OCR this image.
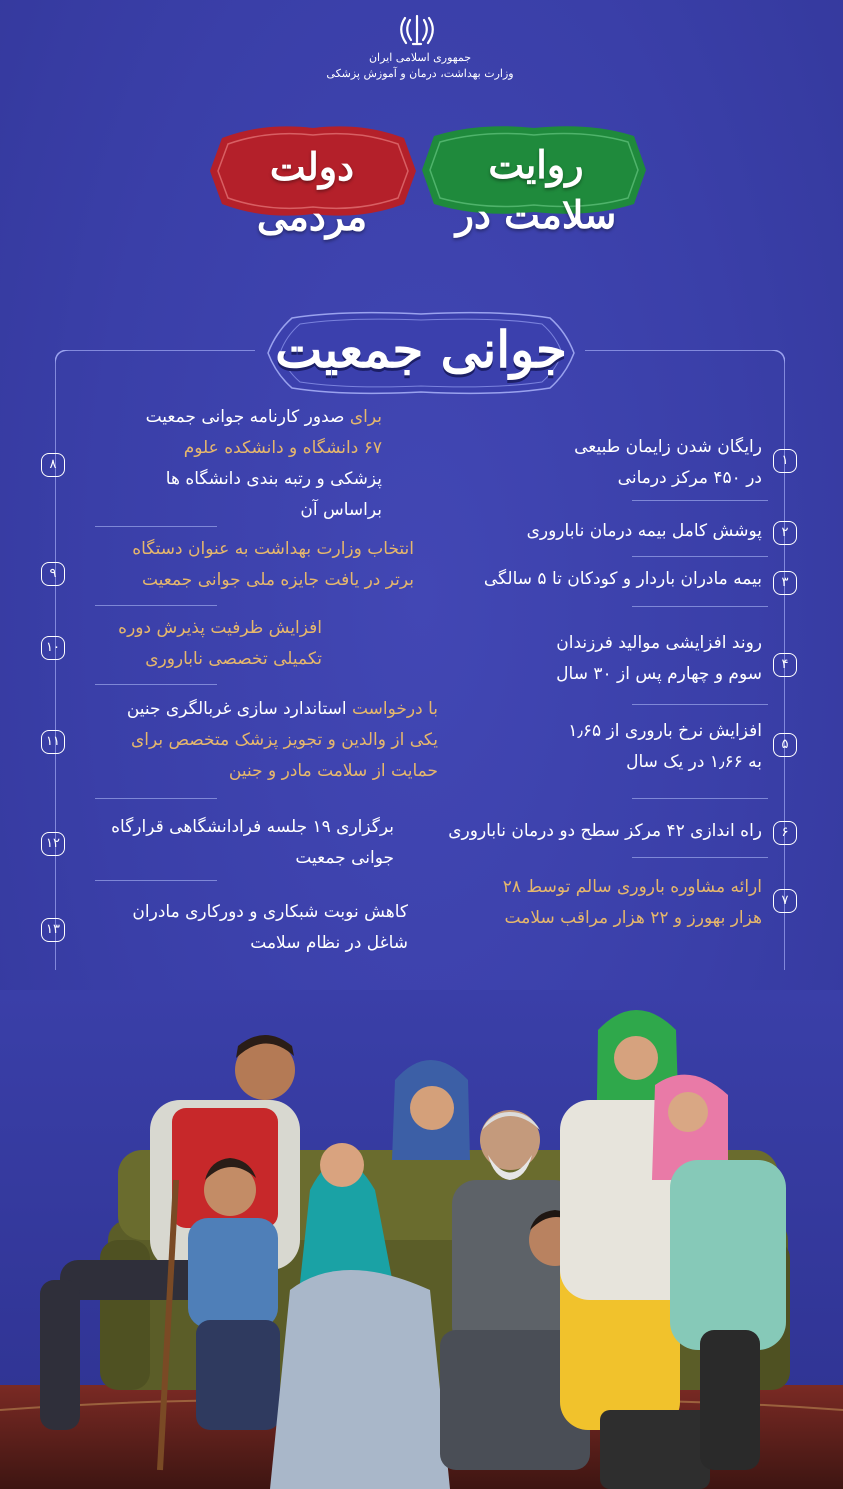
جمهوری اسلامی ایران
وزارت بهداشت، درمان و آموزش پزشکی
روایت سلامت در
دولت مردمی
جوانی جمعیت
۱
رایگان شدن زایمان طبیعی
در ۴۵۰ مرکز درمانی
۲
پوشش کامل بیمه درمان ناباروری
۳
بیمه مادران باردار و کودکان تا ۵ سالگی
۴
روند افزایشی موالید فرزندان
سوم و چهارم پس از ۳۰ سال
۵
افزایش نرخ باروری از ۱٫۶۵
به ۱٫۶۶ در یک سال
۶
راه اندازی ۴۲ مرکز سطح دو درمان ناباروری
۷
ارائه مشاوره باروری سالم توسط ۲۸
هزار بهورز و ۲۲ هزار مراقب سلامت
۸
برای صدور کارنامه جوانی جمعیت
۶۷ دانشگاه و دانشکده علوم
پزشکی و رتبه بندی دانشگاه ها
براساس آن
۹
انتخاب وزارت بهداشت به عنوان دستگاه
برتر در یافت جایزه ملی جوانی جمعیت
۱۰
افزایش ظرفیت پذیرش دوره
تکمیلی تخصصی ناباروری
۱۱
با درخواست استاندارد سازی غربالگری جنین
یکی از والدین و تجویز پزشک متخصص برای
حمایت از سلامت مادر و جنین
۱۲
برگزاری ۱۹ جلسه فرادانشگاهی قرارگاه
جوانی جمعیت
۱۳
کاهش نوبت شبکاری و دورکاری مادران
شاغل در نظام سلامت
